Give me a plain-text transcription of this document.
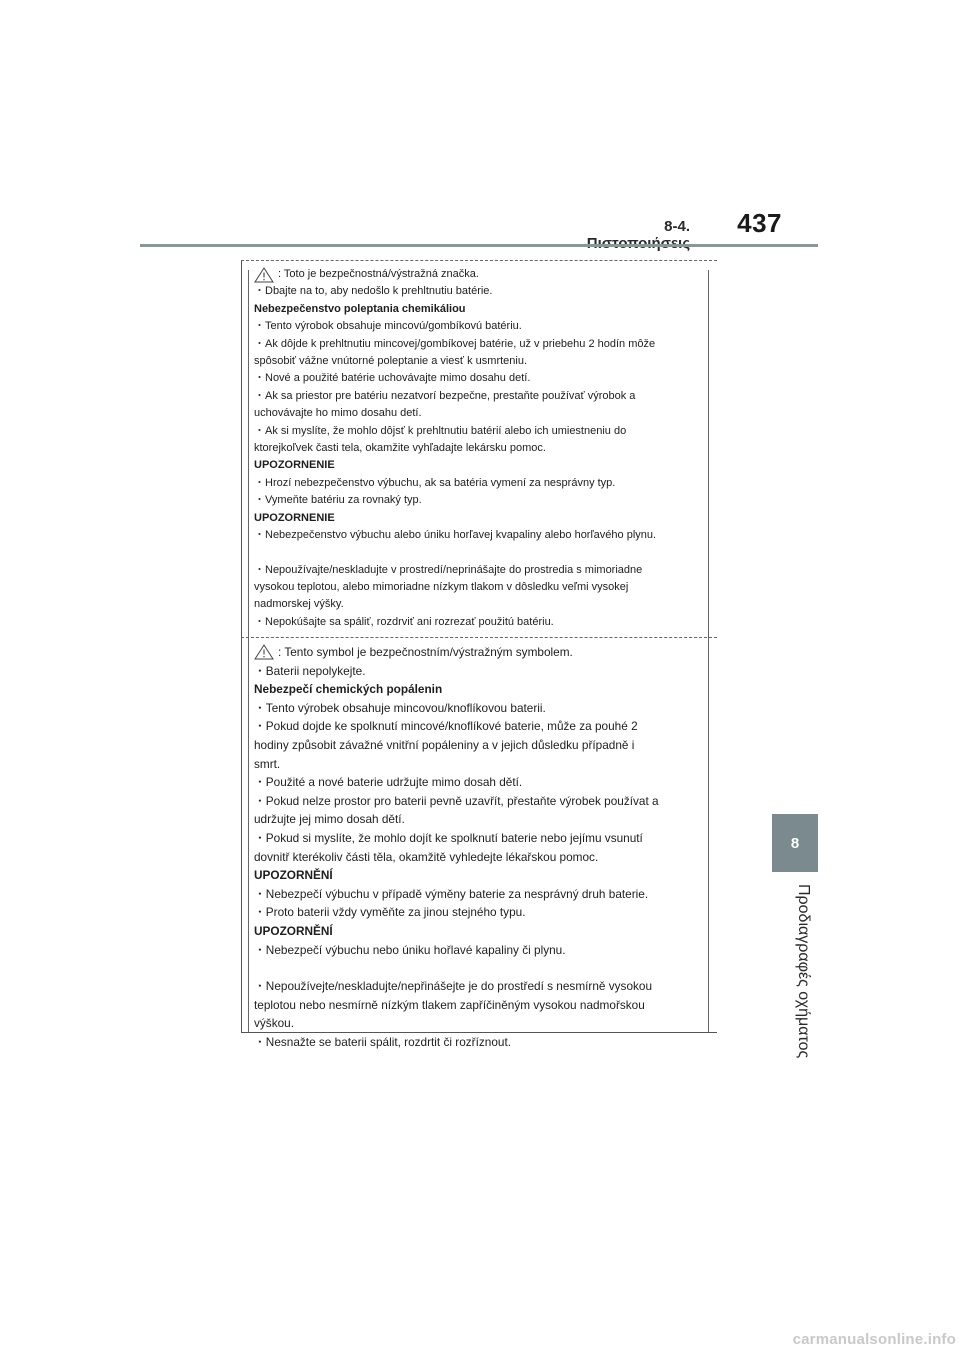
8-4.	437
8
Προδιαγραφές οχήματος
: Toto je bezpečnostná/výstražná značka.
・Dbajte na to, aby nedošlo k prehltnutiu batérie.
Nebezpečenstvo poleptania chemikáliou
・Tento výrobok obsahuje mincovú/gombíkovú batériu.
・Ak dôjde k prehltnutiu mincovej/gombíkovej batérie, už v priebehu 2 hodín môže
spôsobiť vážne vnútorné poleptanie a viesť k usmrteniu.
・Nové a použité batérie uchovávajte mimo dosahu detí.
・Ak sa priestor pre batériu nezatvorí bezpečne, prestaňte používať výrobok a
uchovávajte ho mimo dosahu detí.
・Ak si myslíte, že mohlo dôjsť k prehltnutiu batérií alebo ich umiestneniu do
ktorejkoľvek časti tela, okamžite vyhľadajte lekársku pomoc.
UPOZORNENIE
・Hrozí nebezpečenstvo výbuchu, ak sa batéria vymení za nesprávny typ.
・Vymeňte batériu za rovnaký typ.
UPOZORNENIE
・Nebezpečenstvo výbuchu alebo úniku horľavej kvapaliny alebo horľavého plynu.
・Nepoužívajte/neskladujte v prostredí/neprinášajte do prostredia s mimoriadne
vysokou teplotou, alebo mimoriadne nízkym tlakom v dôsledku veľmi vysokej
nadmorskej výšky.
・Nepokúšajte sa spáliť, rozdrviť ani rozrezať použitú batériu.
: Tento symbol je bezpečnostním/výstražným symbolem.
・Baterii nepolykejte.
Nebezpečí chemických popálenin
・Tento výrobek obsahuje mincovou/knoflíkovou baterii.
・Pokud dojde ke spolknutí mincové/knoflíkové baterie, může za pouhé 2
hodiny způsobit závažné vnitřní popáleniny a v jejich důsledku případně i
smrt.
・Použité a nové baterie udržujte mimo dosah dětí.
・Pokud nelze prostor pro baterii pevně uzavřít, přestaňte výrobek používat a
udržujte jej mimo dosah dětí.
・Pokud si myslíte, že mohlo dojít ke spolknutí baterie nebo jejímu vsunutí
dovnitř kterékoliv části těla, okamžitě vyhledejte lékařskou pomoc.
UPOZORNĚNÍ
・Nebezpečí výbuchu v případě výměny baterie za nesprávný druh baterie.
・Proto baterii vždy vyměňte za jinou stejného typu.
UPOZORNĚNÍ
・Nebezpečí výbuchu nebo úniku hořlavé kapaliny či plynu.
・Nepoužívejte/neskladujte/nepřinášejte je do prostředí s nesmírně vysokou
teplotou nebo nesmírně nízkým tlakem zapříčiněným vysokou nadmořskou
výškou.
・Nesnažte se baterii spálit, rozdrtit či rozříznout.
carmanualsonline.info
